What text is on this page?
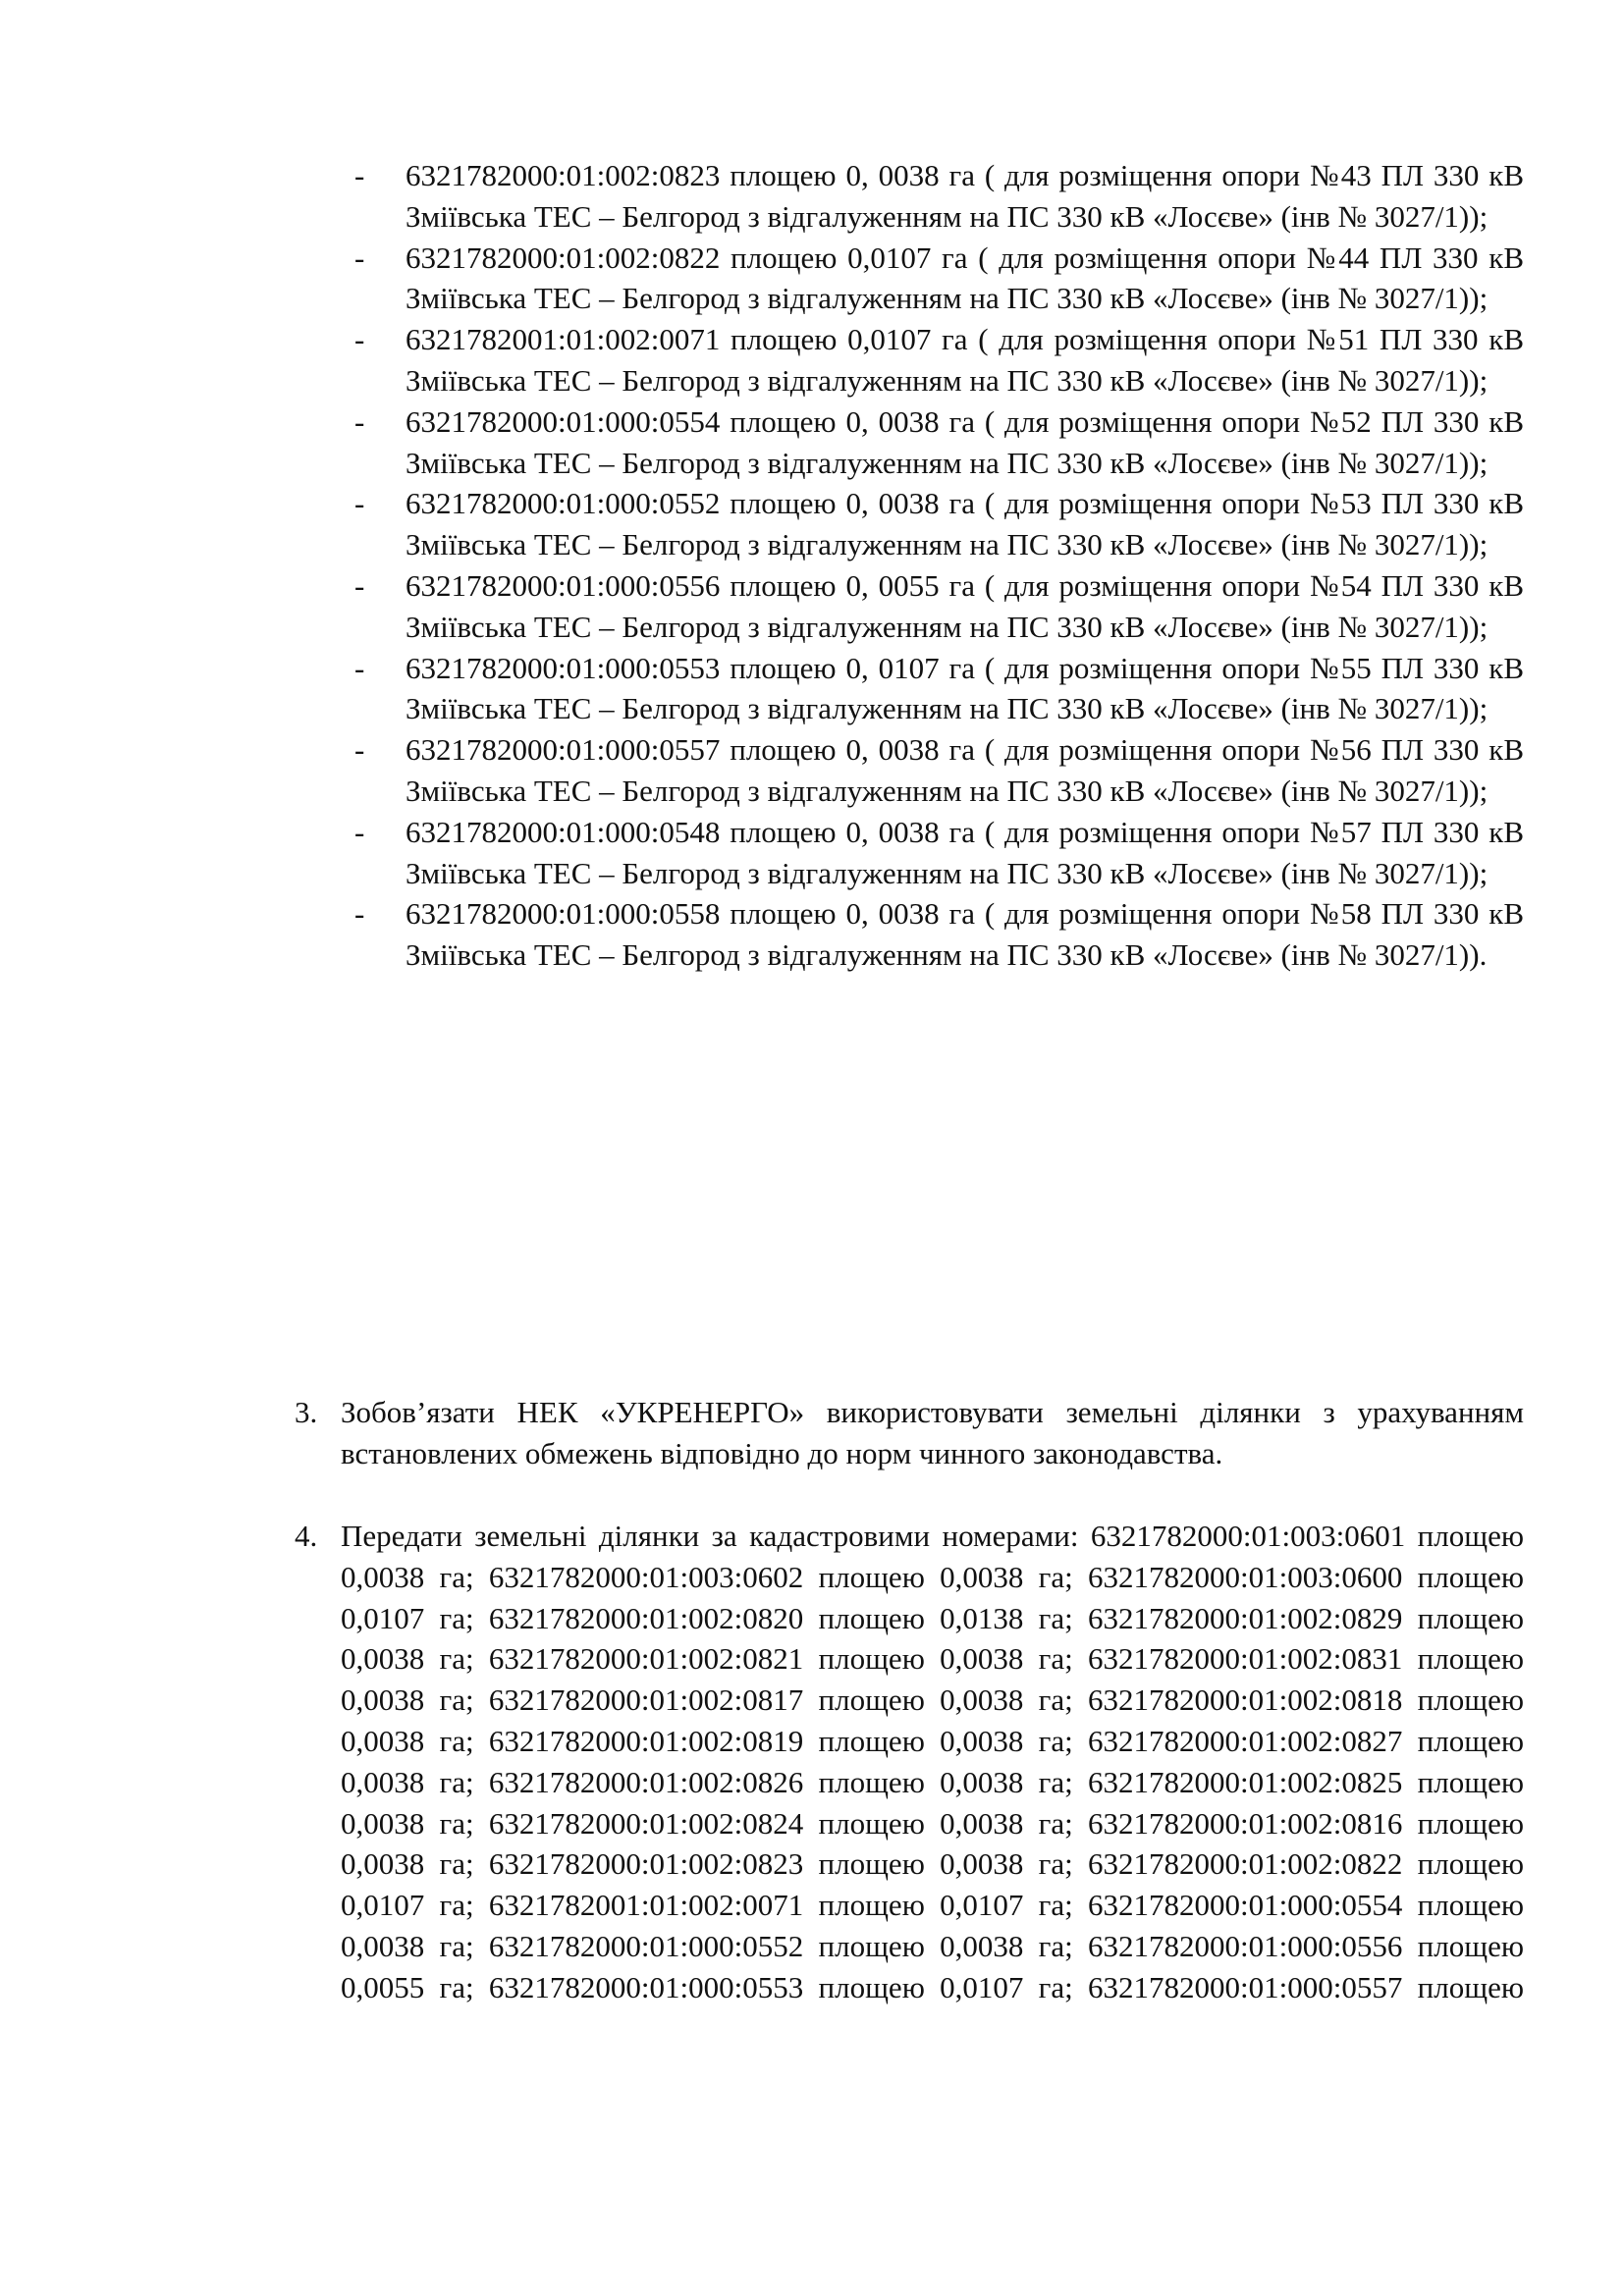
- 6321782000:01:002:0823 площею 0, 0038 га ( для розміщення опори №43 ПЛ 330 кВ Зміївська ТЕС – Белгород з відгалуженням на ПС 330 кВ «Лосєве» (інв № 3027/1));

- 6321782000:01:002:0822 площею 0,0107 га ( для розміщення опори №44 ПЛ 330 кВ Зміївська ТЕС – Белгород з відгалуженням на ПС 330 кВ «Лосєве» (інв № 3027/1));

- 6321782001:01:002:0071 площею 0,0107 га ( для розміщення опори №51 ПЛ 330 кВ Зміївська ТЕС – Белгород з відгалуженням на ПС 330 кВ «Лосєве» (інв № 3027/1));

- 6321782000:01:000:0554 площею 0, 0038 га ( для розміщення опори №52 ПЛ 330 кВ Зміївська ТЕС – Белгород з відгалуженням на ПС 330 кВ «Лосєве» (інв № 3027/1));

- 6321782000:01:000:0552 площею 0, 0038 га ( для розміщення опори №53 ПЛ 330 кВ Зміївська ТЕС – Белгород з відгалуженням на ПС 330 кВ «Лосєве» (інв № 3027/1));

- 6321782000:01:000:0556 площею 0, 0055 га ( для розміщення опори №54 ПЛ 330 кВ Зміївська ТЕС – Белгород з відгалуженням на ПС 330 кВ «Лосєве» (інв № 3027/1));

- 6321782000:01:000:0553 площею 0, 0107 га ( для розміщення опори №55 ПЛ 330 кВ Зміївська ТЕС – Белгород з відгалуженням на ПС 330 кВ «Лосєве» (інв № 3027/1));

- 6321782000:01:000:0557 площею 0, 0038 га ( для розміщення опори №56 ПЛ 330 кВ Зміївська ТЕС – Белгород з відгалуженням на ПС 330 кВ «Лосєве» (інв № 3027/1));

- 6321782000:01:000:0548 площею 0, 0038 га ( для розміщення опори №57 ПЛ 330 кВ Зміївська ТЕС – Белгород з відгалуженням на ПС 330 кВ «Лосєве» (інв № 3027/1));

- 6321782000:01:000:0558 площею 0, 0038 га ( для розміщення опори №58 ПЛ 330 кВ Зміївська ТЕС – Белгород з відгалуженням на ПС 330 кВ «Лосєве» (інв № 3027/1)).

3. Зобов’язати НЕК «УКРЕНЕРГО» використовувати земельні ділянки з урахуванням встановлених обмежень відповідно до норм чинного законодавства.

4. Передати земельні ділянки за кадастровими номерами: 6321782000:01:003:0601 площею 0,0038 га; 6321782000:01:003:0602 площею 0,0038 га; 6321782000:01:003:0600 площею 0,0107 га; 6321782000:01:002:0820 площею 0,0138 га; 6321782000:01:002:0829 площею 0,0038 га; 6321782000:01:002:0821 площею 0,0038 га; 6321782000:01:002:0831 площею 0,0038 га; 6321782000:01:002:0817 площею 0,0038 га; 6321782000:01:002:0818 площею 0,0038 га; 6321782000:01:002:0819 площею 0,0038 га; 6321782000:01:002:0827 площею 0,0038 га; 6321782000:01:002:0826 площею 0,0038 га; 6321782000:01:002:0825 площею 0,0038 га; 6321782000:01:002:0824 площею 0,0038 га; 6321782000:01:002:0816 площею 0,0038 га; 6321782000:01:002:0823 площею 0,0038 га; 6321782000:01:002:0822 площею 0,0107 га; 6321782001:01:002:0071 площею 0,0107 га; 6321782000:01:000:0554 площею 0,0038 га; 6321782000:01:000:0552 площею 0,0038 га; 6321782000:01:000:0556 площею 0,0055 га; 6321782000:01:000:0553 площею 0,0107 га; 6321782000:01:000:0557 площею
